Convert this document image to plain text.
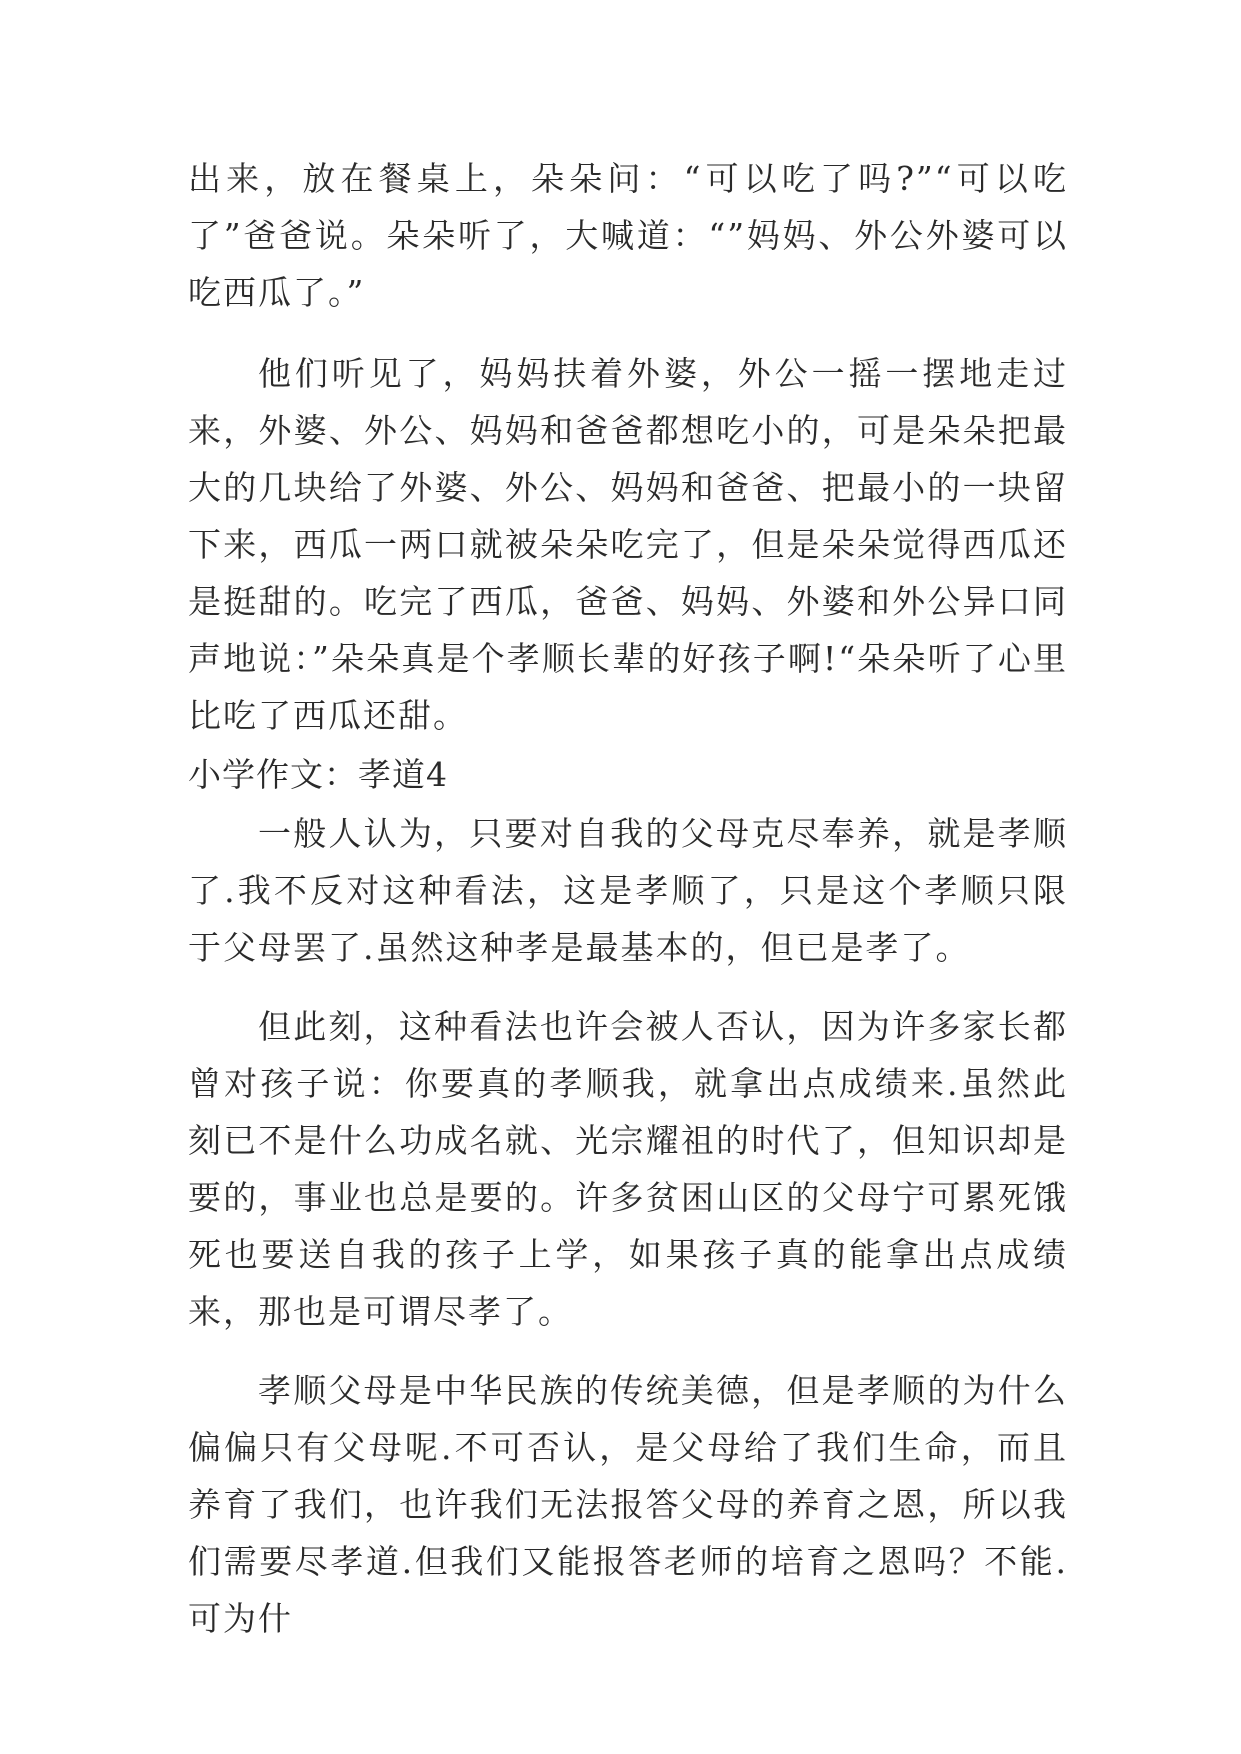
出来，放在餐桌上，朵朵问：“可以吃了吗?”“可以吃了”爸爸说。朵朵听了，大喊道：“”妈妈、外公外婆可以吃西瓜了。”

他们听见了，妈妈扶着外婆，外公一摇一摆地走过来，外婆、外公、妈妈和爸爸都想吃小的，可是朵朵把最大的几块给了外婆、外公、妈妈和爸爸、把最小的一块留下来，西瓜一两口就被朵朵吃完了，但是朵朵觉得西瓜还是挺甜的。吃完了西瓜，爸爸、妈妈、外婆和外公异口同声地说：”朵朵真是个孝顺长辈的好孩子啊!“朵朵听了心里比吃了西瓜还甜。

小学作文：孝道4

一般人认为，只要对自我的父母克尽奉养，就是孝顺了.我不反对这种看法，这是孝顺了，只是这个孝顺只限于父母罢了.虽然这种孝是最基本的，但已是孝了。

但此刻，这种看法也许会被人否认，因为许多家长都曾对孩子说：你要真的孝顺我，就拿出点成绩来.虽然此刻已不是什么功成名就、光宗耀祖的时代了，但知识却是要的，事业也总是要的。许多贫困山区的父母宁可累死饿死也要送自我的孩子上学，如果孩子真的能拿出点成绩来，那也是可谓尽孝了。

孝顺父母是中华民族的传统美德，但是孝顺的为什么偏偏只有父母呢.不可否认，是父母给了我们生命，而且养育了我们，也许我们无法报答父母的养育之恩，所以我们需要尽孝道.但我们又能报答老师的培育之恩吗？不能.可为什
